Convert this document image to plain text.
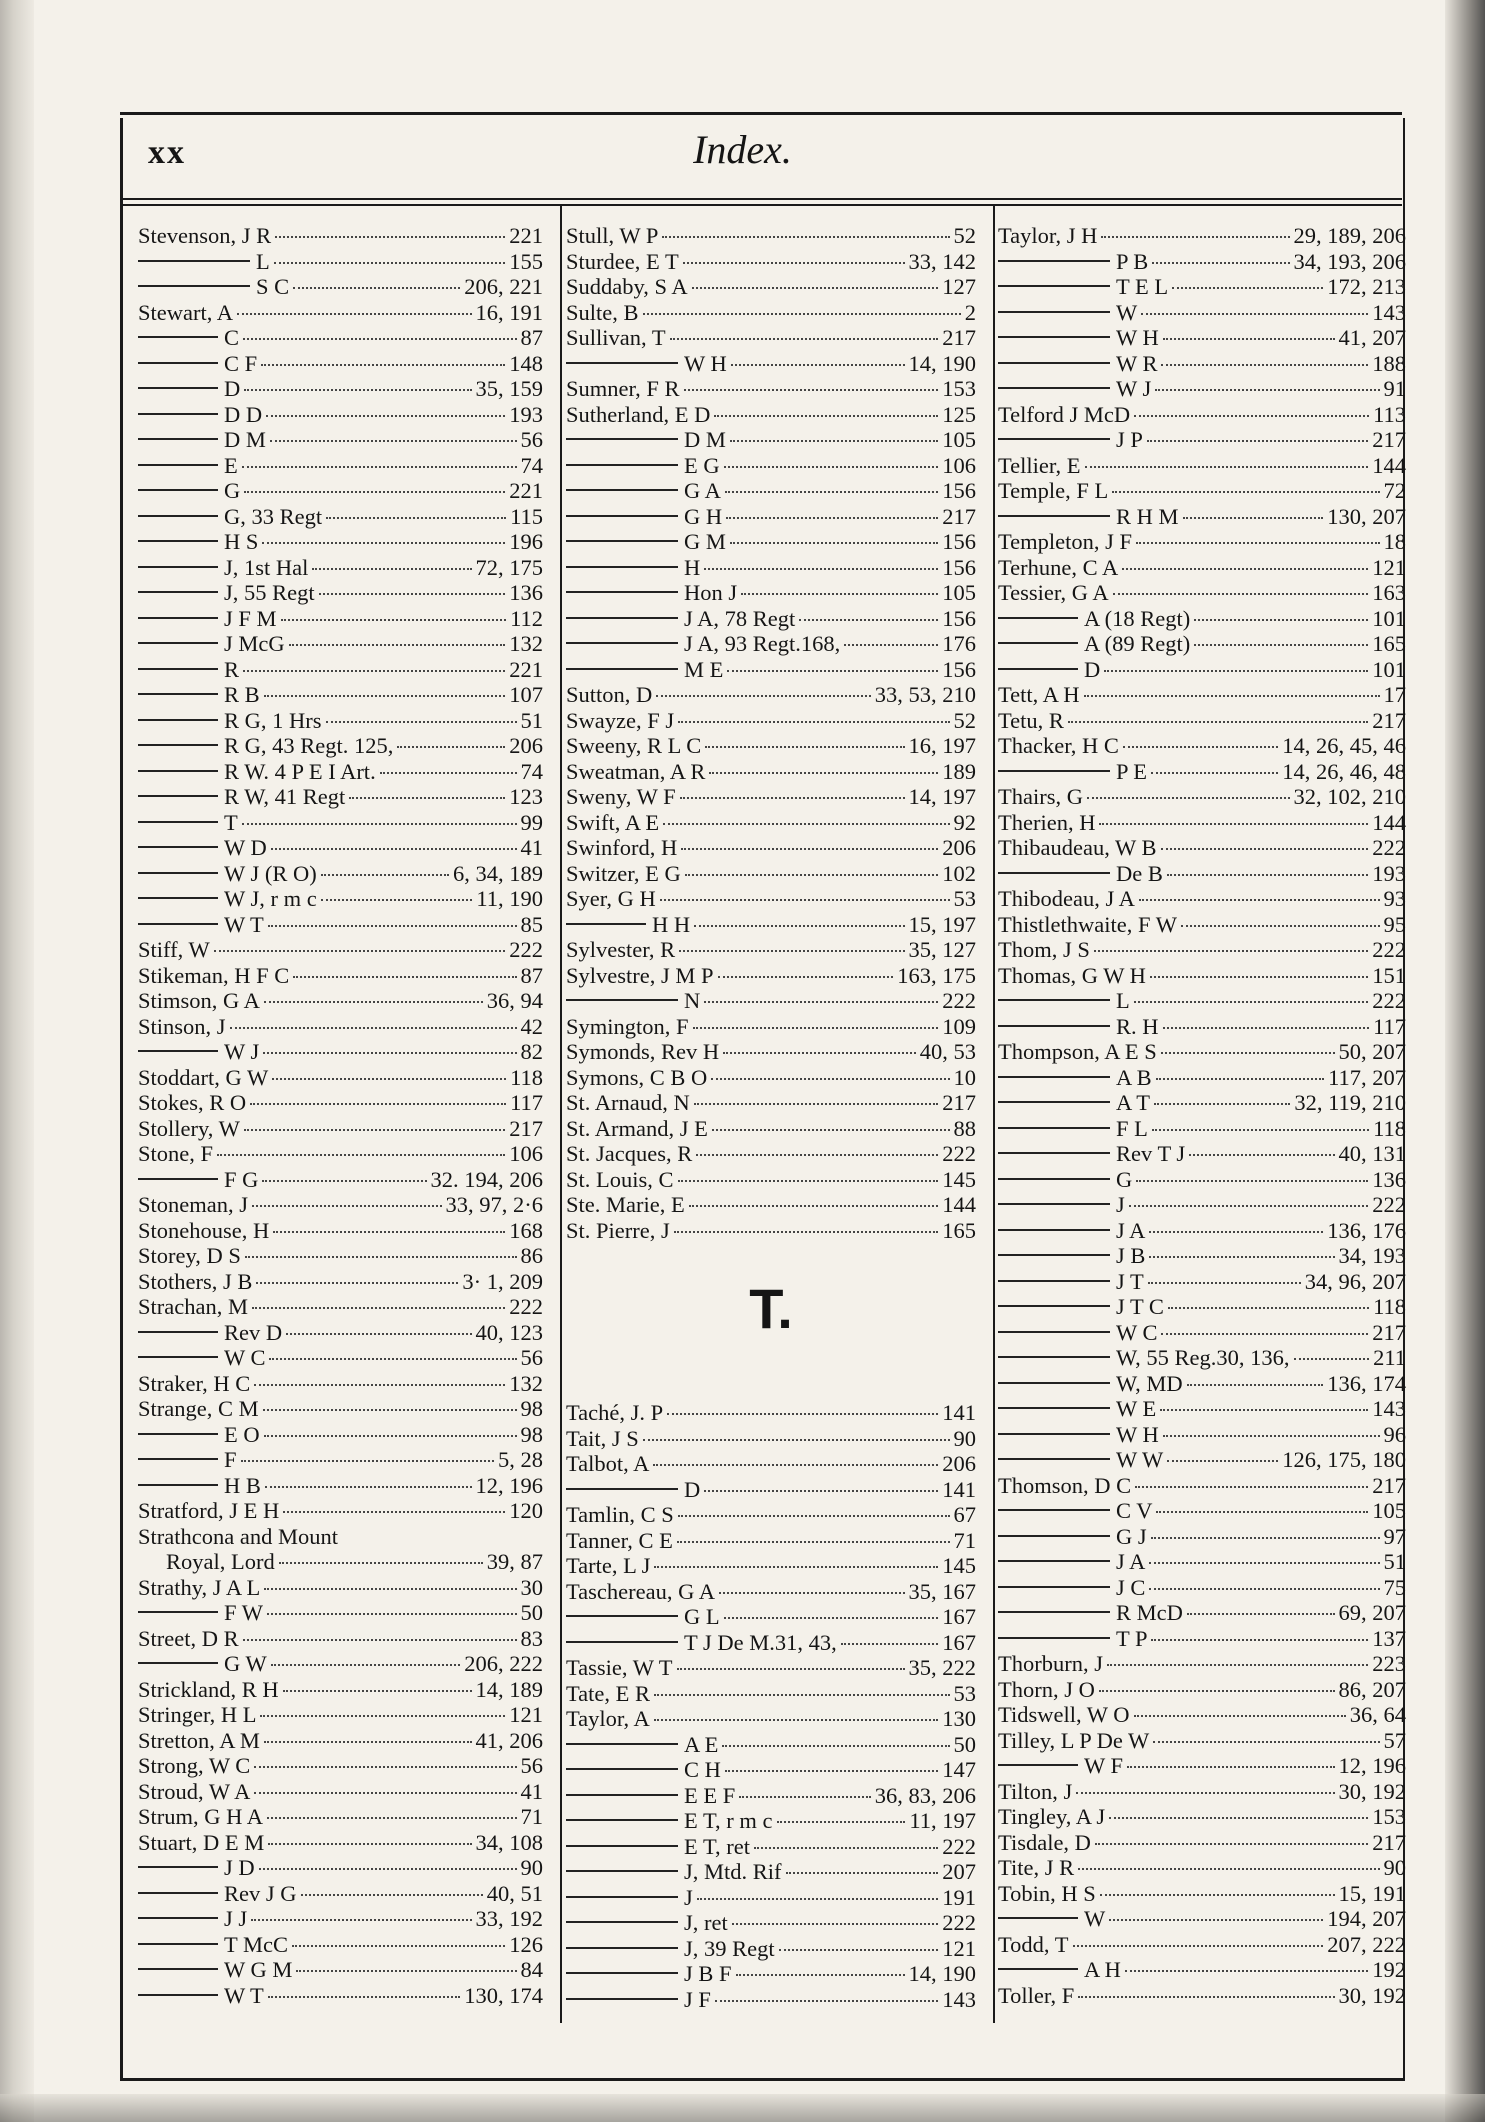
xx	Index.
Stevenson, J R	221
L	155
S C	206, 221
Stewart, A	16, 191
C	87
C F	148
D	35, 159
D D	193
D M	56
E	74
G	221
G, 33 Regt	115
H S	196
J, 1st Hal	72, 175
J, 55 Regt	136
J F M	112
J McG	132
R	221
R B	107
R G, 1 Hrs	51
R G, 43 Regt. 125,	206
R W. 4 P E I Art.	74
R W, 41 Regt	123
T	99
W D	41
W J (R O)	6, 34, 189
W J, r m c	11, 190
W T	85
Stiff, W	222
Stikeman, H F C	87
Stimson, G A	36, 94
Stinson, J	42
W J	82
Stoddart, G W	118
Stokes, R O	117
Stollery, W	217
Stone, F	106
F G	32. 194, 206
Stoneman, J	33, 97, 2·6
Stonehouse, H	168
Storey, D S	86
Stothers, J B	3· 1, 209
Strachan, M	222
Rev D	40, 123
W C	56
Straker, H C	132
Strange, C M	98
E O	98
F	5, 28
H B	12, 196
Stratford, J E H	120
Strathcona and Mount
Royal, Lord	39, 87
Strathy, J A L	30
F W	50
Street, D R	83
G W	206, 222
Strickland, R H	14, 189
Stringer, H L	121
Stretton, A M	41, 206
Strong, W C	56
Stroud, W A	41
Strum, G H A	71
Stuart, D E M	34, 108
J D	90
Rev J G	40, 51
J J	33, 192
T McC	126
W G M	84
W T	130, 174
Stull, W P	52
Sturdee, E T	33, 142
Suddaby, S A	127
Sulte, B	2
Sullivan, T	217
W H	14, 190
Sumner, F R	153
Sutherland, E D	125
D M	105
E G	106
G A	156
G H	217
G M	156
H	156
Hon J	105
J A, 78 Regt	156
J A, 93 Regt.168,	176
M E	156
Sutton, D	33, 53, 210
Swayze, F J	52
Sweeny, R L C	16, 197
Sweatman, A R	189
Sweny, W F	14, 197
Swift, A E	92
Swinford, H	206
Switzer, E G	102
Syer, G H	53
H H	15, 197
Sylvester, R	35, 127
Sylvestre, J M P	163, 175
N	222
Symington, F	109
Symonds, Rev H	40, 53
Symons, C B O	10
St. Arnaud, N	217
St. Armand, J E	88
St. Jacques, R	222
St. Louis, C	145
Ste. Marie, E	144
St. Pierre, J	165
Taché, J. P	141
Tait, J S	90
Talbot, A	206
D	141
Tamlin, C S	67
Tanner, C E	71
Tarte, L J	145
Taschereau, G A	35, 167
G L	167
T J De M.31, 43,	167
Tassie, W T	35, 222
Tate, E R	53
Taylor, A	130
A E	50
C H	147
E E F	36, 83, 206
E T, r m c	11, 197
E T, ret	222
J, Mtd. Rif	207
J	191
J, ret	222
J, 39 Regt	121
J B F	14, 190
J F	143
Taylor, J H	29, 189, 206
P B	34, 193, 206
T E L	172, 213
W	143
W H	41, 207
W R	188
W J	91
Telford J McD	113
J P	217
Tellier, E	144
Temple, F L	72
R H M	130, 207
Templeton, J F	18
Terhune, C A	121
Tessier, G A	163
A (18 Regt)	101
A (89 Regt)	165
D	101
Tett, A H	17
Tetu, R	217
Thacker, H C	14, 26, 45, 46
P E	14, 26, 46, 48
Thairs, G	32, 102, 210
Therien, H	144
Thibaudeau, W B	222
De B	193
Thibodeau, J A	93
Thistlethwaite, F W	95
Thom, J S	222
Thomas, G W H	151
L	222
R. H	117
Thompson, A E S	50, 207
A B	117, 207
A T	32, 119, 210
F L	118
Rev T J	40, 131
G	136
J	222
J A	136, 176
J B	34, 193
J T	34, 96, 207
J T C	118
W C	217
W, 55 Reg.30, 136,	211
W, MD	136, 174
W E	143
W H	96
W W	126, 175, 180
Thomson, D C	217
C V	105
G J	97
J A	51
J C	75
R McD	69, 207
T P	137
Thorburn, J	223
Thorn, J O	86, 207
Tidswell, W O	36, 64
Tilley, L P De W	57
W F	12, 196
Tilton, J	30, 192
Tingley, A J	153
Tisdale, D	217
Tite, J R	90
Tobin, H S	15, 191
W	194, 207
Todd, T	207, 222
A H	192
Toller, F	30, 192
T.
